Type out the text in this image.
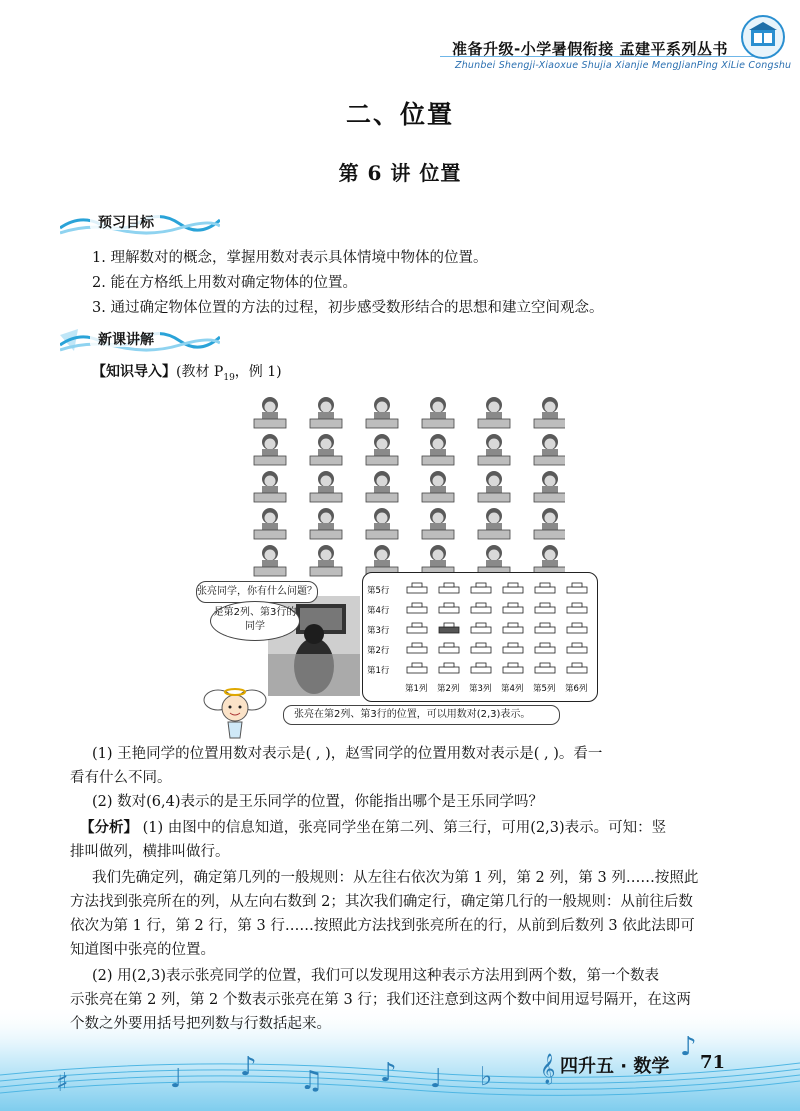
准备升级-小学暑假衔接 孟建平系列丛书
Zhunbei Shengji-Xiaoxue Shujia Xianjie MengJianPing XiLie Congshu
二、位置
第 6 讲 位置
预习目标
1. 理解数对的概念，掌握用数对表示具体情境中物体的位置。
2. 能在方格纸上用数对确定物体的位置。
3. 通过确定物体位置的方法的过程，初步感受数形结合的思想和建立空间观念。
新课讲解
【知识导入】(教材 $P_{19}$，例 1)
张亮同学，你有什么问题？
是第2列、第3行的同学
第5行
第4行
第3行
第2行
第1行
第1列 第2列 第3列 第4列 第5列 第6列
张亮在第2列、第3行的位置，可以用数对(2,3)表示。
(1) 王艳同学的位置用数对表示是( , )，赵雪同学的位置用数对表示是( , )。看一
看有什么不同。
(2) 数对(6,4)表示的是王乐同学的位置，你能指出哪个是王乐同学吗？
【分析】 (1) 由图中的信息知道，张亮同学坐在第二列、第三行，可用(2,3)表示。可知：竖
排叫做列，横排叫做行。
我们先确定列，确定第几列的一般规则：从左往右依次为第 1 列，第 2 列，第 3 列……按照此
方法找到张亮所在的列，从左向右数到 2；其次我们确定行，确定第几行的一般规则：从前往后数
依次为第 1 行，第 2 行，第 3 行……按照此方法找到张亮所在的行，从前到后数列 3 依此法即可
知道图中张亮的位置。
(2) 用(2,3)表示张亮同学的位置，我们可以发现用这种表示方法用到两个数，第一个数表
示张亮在第 2 列，第 2 个数表示张亮在第 3 行；我们还注意到这两个数中间用逗号隔开，在这两
个数之外要用括号把列数与行数括起来。
♯	♩ ♪ ♫ ♪ ♩ ♭ 𝄞
♪
四升五 · 数学 71
